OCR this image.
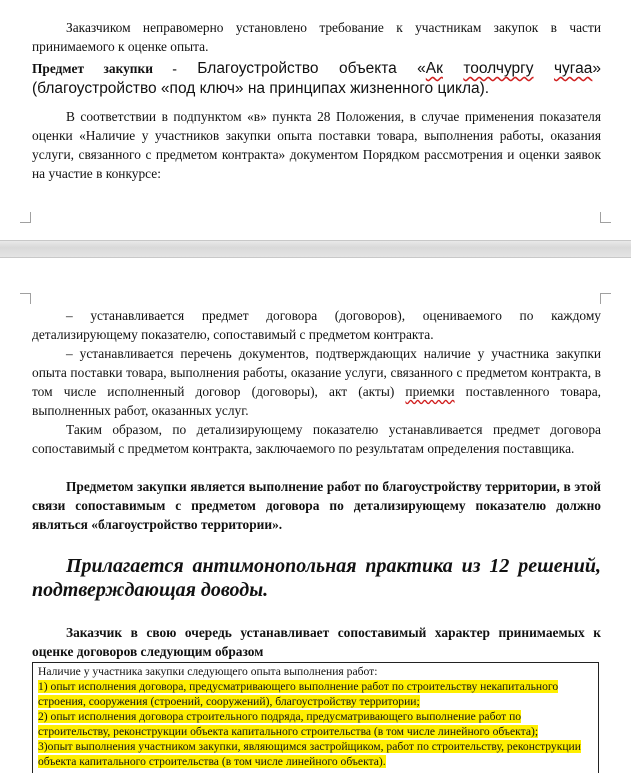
Заказчиком неправомерно установлено требование к участникам закупок в части принимаемого к оценке опыта.
Предмет закупки - Благоустройство объекта «Ак тоолчургу чугаа» (благоустройство «под ключ» на принципах жизненного цикла).
В соответствии в подпунктом «в» пункта 28 Положения, в случае применения показателя оценки «Наличие у участников закупки опыта поставки товара, выполнения работы, оказания услуги, связанного с предметом контракта» документом Порядком рассмотрения и оценки заявок на участие в конкурсе:
– устанавливается предмет договора (договоров), оцениваемого по каждому детализирующему показателю, сопоставимый с предметом контракта.
– устанавливается перечень документов, подтверждающих наличие у участника закупки опыта поставки товара, выполнения работы, оказание услуги, связанного с предметом контракта, в том числе исполненный договор (договоры), акт (акты) приемки поставленного товара, выполненных работ, оказанных услуг.
Таким образом, по детализирующему показателю устанавливается предмет договора сопоставимый с предметом контракта, заключаемого по результатам определения поставщика.
Предметом закупки является выполнение работ по благоустройству территории, в этой связи сопоставимым с предметом договора по детализирующему показателю должно являться «благоустройство территории».
Прилагается антимонопольная практика из 12 решений, подтверждающая доводы.
Заказчик в свою очередь устанавливает сопоставимый характер принимаемых к оценке договоров следующим образом
Наличие у участника закупки следующего опыта выполнения работ:
1) опыт исполнения договора, предусматривающего выполнение работ по строительству некапитального строения, сооружения (строений, сооружений), благоустройству территории;
2) опыт исполнения договора строительного подряда, предусматривающего выполнение работ по строительству, реконструкции объекта капитального строительства (в том числе линейного объекта);
3)опыт выполнения участником закупки, являющимся застройщиком, работ по строительству, реконструкции объекта капитального строительства (в том числе линейного объекта).
